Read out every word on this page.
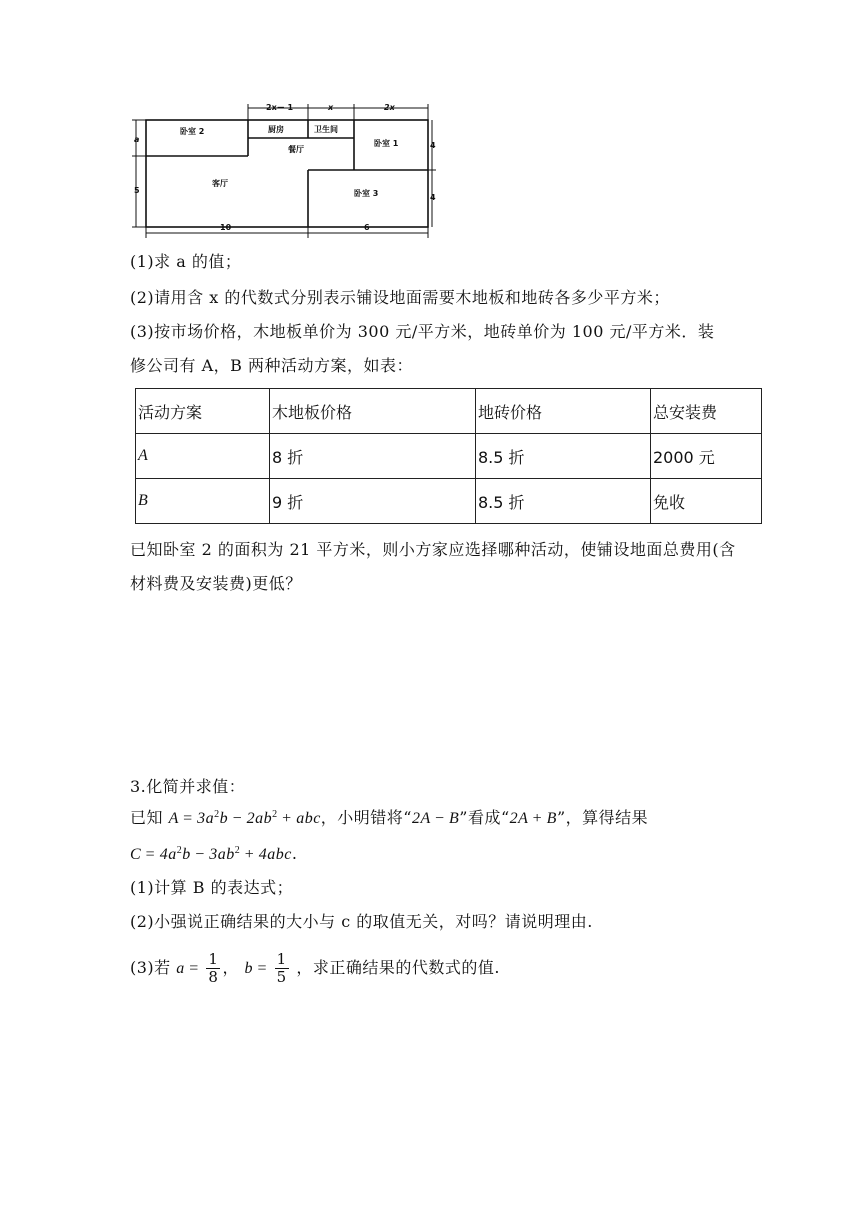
卧室 2	厨房	卫生间
卧室 1
餐厅
客厅
卧室 3
2x－ 1	x	2x
a
5
4
4
10	6
(1)求 a 的值；
(2)请用含 x 的代数式分别表示铺设地面需要木地板和地砖各多少平方米；
(3)按市场价格，木地板单价为 300 元/平方米，地砖单价为 100 元/平方米．装
修公司有 A，B 两种活动方案，如表：
活动方案	木地板价格	地砖价格	总安装费
A	8 折	8.5 折	2000 元
B	9 折	8.5 折	免收
已知卧室 2 的面积为 21 平方米，则小方家应选择哪种活动，使铺设地面总费用(含
材料费及安装费)更低？
3.化简并求值：
已知 $A = 3a^2b - 2ab^2$ + abc，小明错将“2A − B”看成“2A + B”，算得结果
$C = 4a^2b - 3ab^2 + 4abc$.
(1)计算 B 的表达式；
(2)小强说正确结果的大小与 c 的取值无关，对吗？请说明理由.
(3)若 $a = \frac{1}{8}$ ， $b = \frac{1}{5}$ ，求正确结果的代数式的值.
